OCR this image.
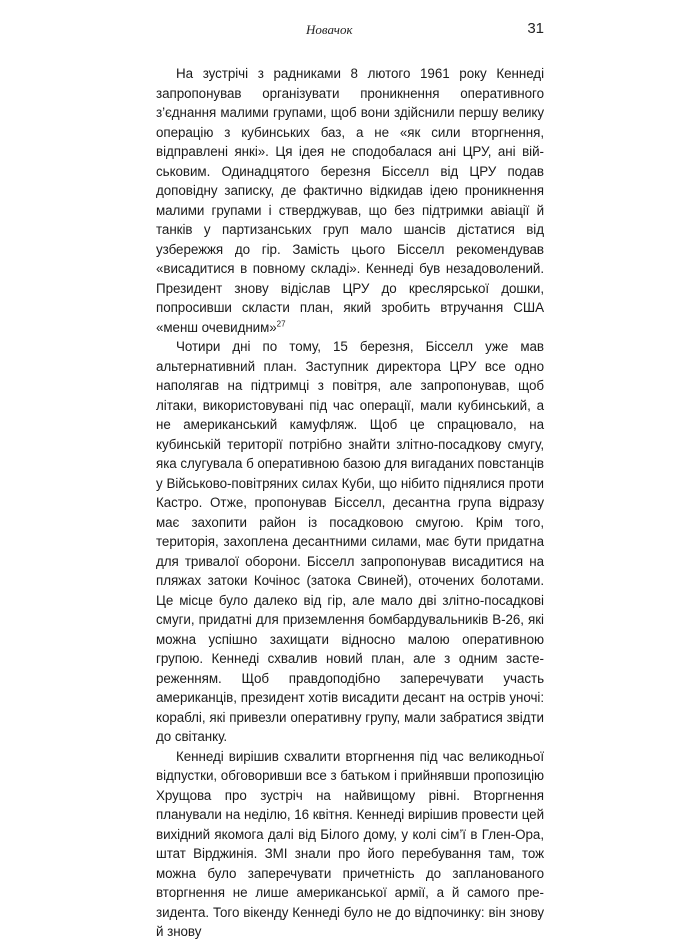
Новачок	31

На зустрічі з радниками 8 лютого 1961 року Кеннеді запропонував організувати проникнення оперативного з’єднання малими групами, щоб вони здійснили першу велику операцію з кубинських баз, а не «як сили вторгнення, відправлені янкі». Ця ідея не сподобалася ані ЦРУ, ані військовим. Одинадцятого березня Бісселл від ЦРУ подав доповідну записку, де фактично відкидав ідею проникнення малими групами і стверджував, що без підтримки авіації й танків у партизанських груп мало шансів дістатися від узбережжя до гір. Замість цього Бісселл рекомендував «висадитися в повному складі». Кеннеді був незадоволений. Президент знову відіслав ЦРУ до креслярської дошки, попросивши скласти план, який зробить втручання США «менш очевидним»$^{27}$

Чотири дні по тому, 15 березня, Бісселл уже мав альтернативний план. Заступник директора ЦРУ все одно наполягав на підтримці з повітря, але запропонував, щоб літаки, використовувані під час операції, мали кубинський, а не американський камуфляж. Щоб це спрацювало, на кубинській території потрібно знайти злітно-посадкову смугу, яка слугувала б оперативною базою для вигаданих повстанців у Військово-повітряних силах Куби, що нібито піднялися проти Кастро. Отже, пропонував Бісселл, десантна група відразу має захопити район із посадковою смугою. Крім того, територія, захоплена десантними силами, має бути придатна для тривалої оборони. Бісселл запропонував висадитися на пляжах затоки Кочінос (затока Свиней), оточених болотами. Це місце було далеко від гір, але мало дві злітно-посадкові смуги, придатні для приземлення бомбардувальників B-26, які можна успішно захищати відносно малою оперативною групою. Кеннеді схвалив новий план, але з одним застереженням. Щоб правдоподібно заперечувати участь американців, президент хотів висадити десант на острів уночі: кораблі, які привезли оперативну групу, мали забратися звідти до світанку.

Кеннеді вирішив схвалити вторгнення під час великодньої відпустки, обговоривши все з батьком і прийнявши пропозицію Хрущова про зустріч на найвищому рівні. Вторгнення планували на неділю, 16 квітня. Кеннеді вирішив провести цей вихідний якомога далі від Білого дому, у колі сім’ї в Глен-Ора, штат Вірджинія. ЗМІ знали про його перебування там, тож можна було заперечувати причетність до запланованого вторгнення не лише американської армії, а й самого президента. Того вікенду Кеннеді було не до відпочинку: він знову й знову
